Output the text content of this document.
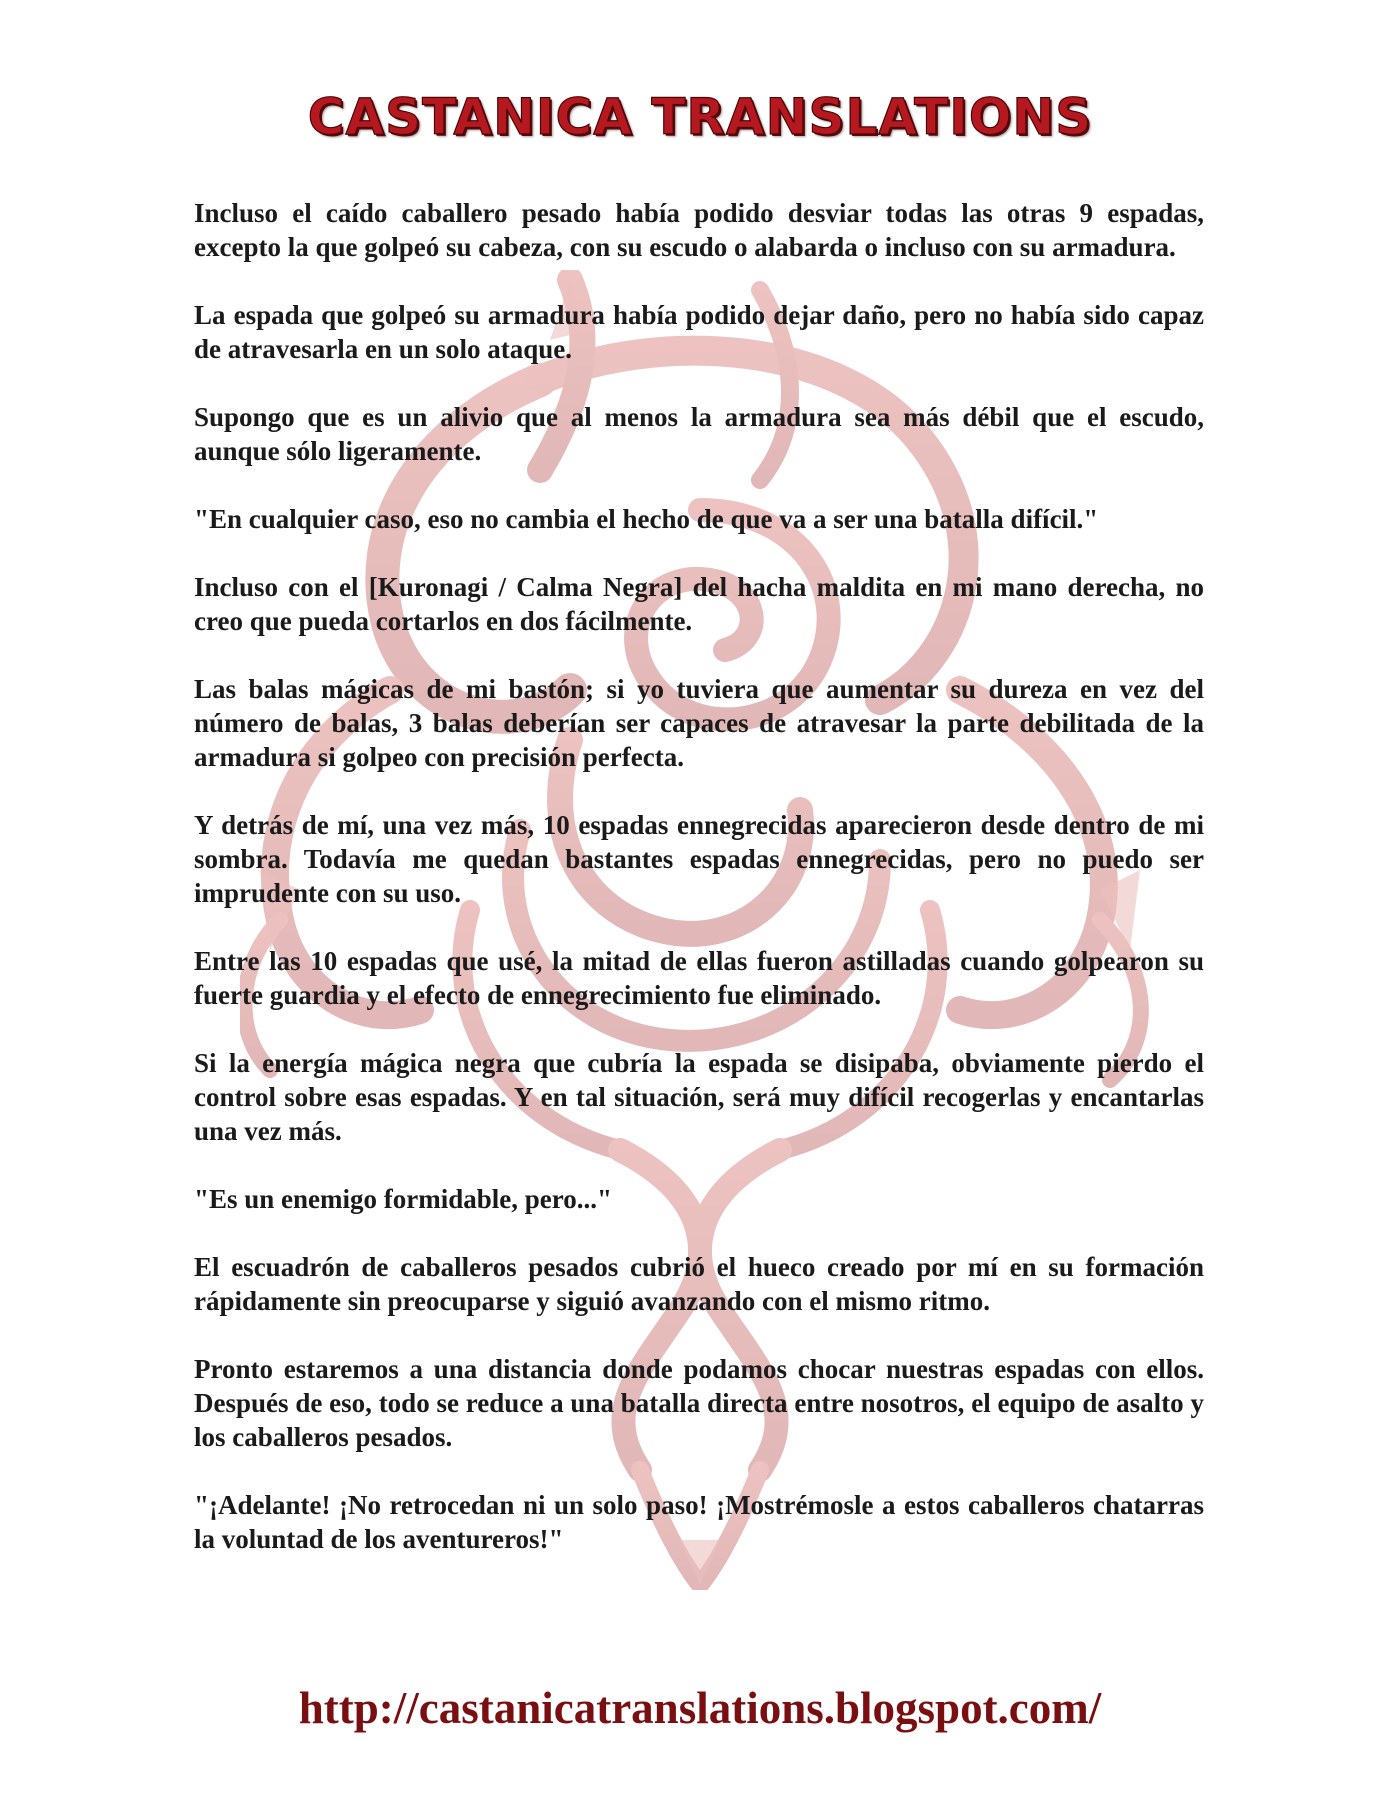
CASTANICA TRANSLATIONS

Incluso el caído caballero pesado había podido desviar todas las otras 9 espadas, excepto la que golpeó su cabeza, con su escudo o alabarda o incluso con su armadura.

La espada que golpeó su armadura había podido dejar daño, pero no había sido capaz de atravesarla en un solo ataque.

Supongo que es un alivio que al menos la armadura sea más débil que el escudo, aunque sólo ligeramente.

"En cualquier caso, eso no cambia el hecho de que va a ser una batalla difícil."

Incluso con el [Kuronagi / Calma Negra] del hacha maldita en mi mano derecha, no creo que pueda cortarlos en dos fácilmente.

Las balas mágicas de mi bastón; si yo tuviera que aumentar su dureza en vez del número de balas, 3 balas deberían ser capaces de atravesar la parte debilitada de la armadura si golpeo con precisión perfecta.

Y detrás de mí, una vez más, 10 espadas ennegrecidas aparecieron desde dentro de mi sombra. Todavía me quedan bastantes espadas ennegrecidas, pero no puedo ser imprudente con su uso.

Entre las 10 espadas que usé, la mitad de ellas fueron astilladas cuando golpearon su fuerte guardia y el efecto de ennegrecimiento fue eliminado.

Si la energía mágica negra que cubría la espada se disipaba, obviamente pierdo el control sobre esas espadas. Y en tal situación, será muy difícil recogerlas y encantarlas una vez más.

"Es un enemigo formidable, pero..."

El escuadrón de caballeros pesados cubrió el hueco creado por mí en su formación rápidamente sin preocuparse y siguió avanzando con el mismo ritmo.

Pronto estaremos a una distancia donde podamos chocar nuestras espadas con ellos. Después de eso, todo se reduce a una batalla directa entre nosotros, el equipo de asalto y los caballeros pesados.

"¡Adelante! ¡No retrocedan ni un solo paso! ¡Mostrémosle a estos caballeros chatarras la voluntad de los aventureros!"

http://castanicatranslations.blogspot.com/
